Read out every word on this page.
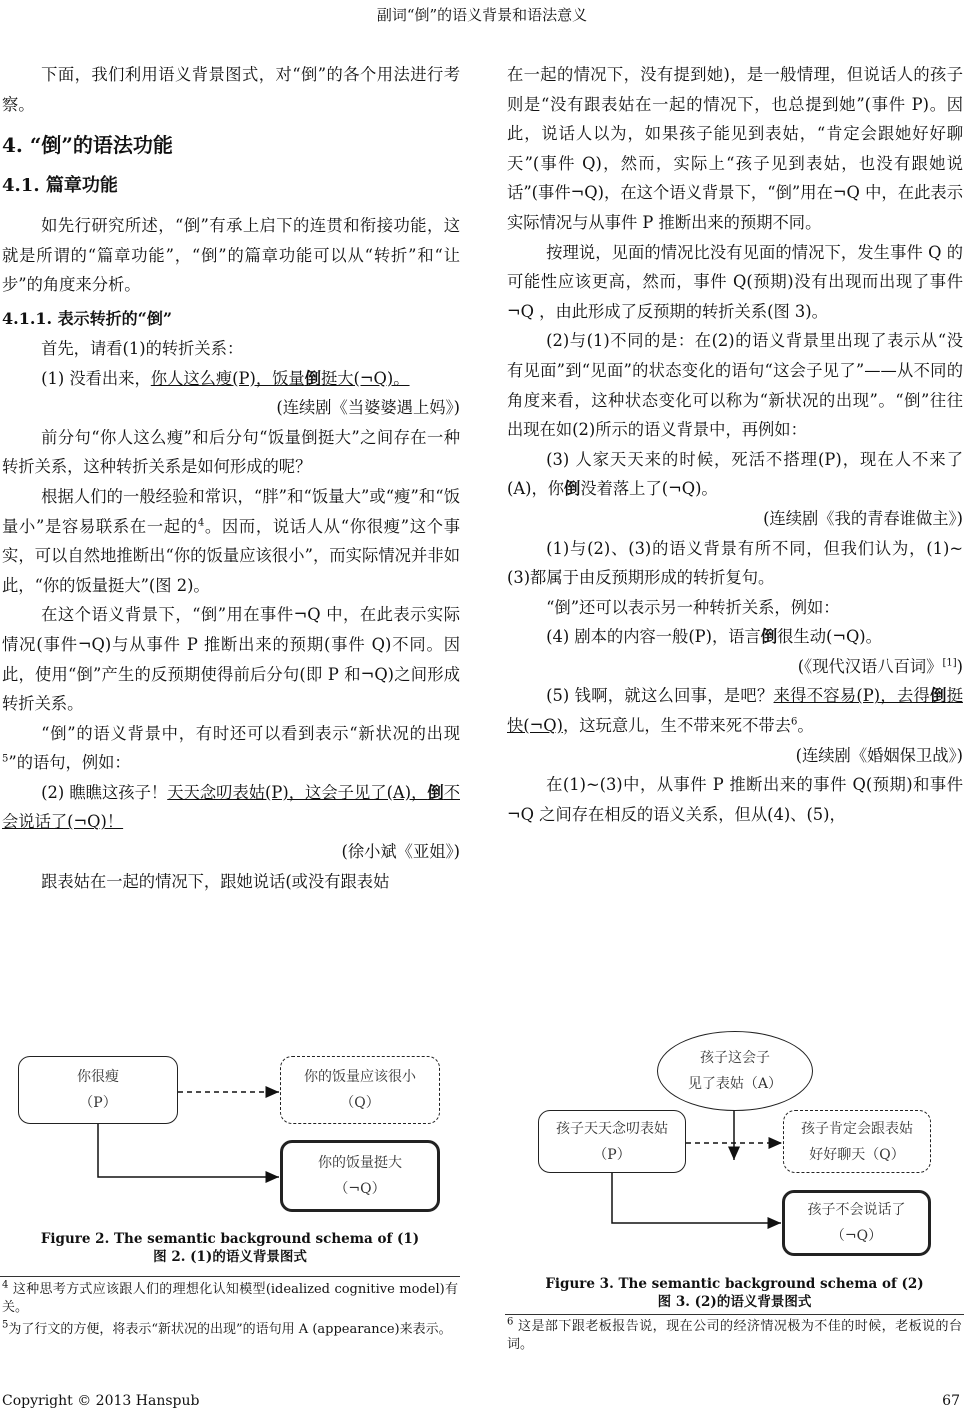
副词“倒”的语义背景和语法意义

下面，我们利用语义背景图式，对“倒”的各个用法进行考察。

4. “倒”的语法功能
4.1. 篇章功能

如先行研究所述，“倒”有承上启下的连贯和衔接功能，这就是所谓的“篇章功能”，“倒”的篇章功能可以从“转折”和“让步”的角度来分析。

4.1.1. 表示转折的“倒”

首先，请看(1)的转折关系：

(1) 没看出来，你人这么瘦(P)，饭量倒挺大(¬Q)。

(连续剧《当婆婆遇上妈》)

前分句“你人这么瘦”和后分句“饭量倒挺大”之间存在一种转折关系，这种转折关系是如何形成的呢？

根据人们的一般经验和常识，“胖”和“饭量大”或“瘦”和“饭量小”是容易联系在一起的$^4$。因而，说话人从“你很瘦”这个事实，可以自然地推断出“你的饭量应该很小”，而实际情况并非如此，“你的饭量挺大”(图 2)。

在这个语义背景下，“倒”用在事件¬Q 中，在此表示实际情况(事件¬Q)与从事件 P 推断出来的预期(事件 Q)不同。因此，使用“倒”产生的反预期使得前后分句(即 P 和¬Q)之间形成转折关系。

“倒”的语义背景中，有时还可以看到表示“新状况的出现$^5$”的语句，例如：

(2) 瞧瞧这孩子！天天念叨表姑(P)，这会子见了(A)，倒不会说话了(¬Q)！

(徐小斌《亚姐》)

跟表姑在一起的情况下，跟她说话(或没有跟表姑

在一起的情况下，没有提到她)，是一般情理，但说话人的孩子则是“没有跟表姑在一起的情况下，也总提到她”(事件 P)。因此，说话人以为，如果孩子能见到表姑，“肯定会跟她好好聊天”(事件 Q)，然而，实际上“孩子见到表姑，也没有跟她说话”(事件¬Q)，在这个语义背景下，“倒”用在¬Q 中，在此表示实际情况与从事件 P 推断出来的预期不同。

按理说，见面的情况比没有见面的情况下，发生事件 Q 的可能性应该更高，然而，事件 Q(预期)没有出现而出现了事件 ¬Q ，由此形成了反预期的转折关系(图 3)。

(2)与(1)不同的是：在(2)的语义背景里出现了表示从“没有见面”到“见面”的状态变化的语句“这会子见了”——从不同的角度来看，这种状态变化可以称为“新状况的出现”。“倒”往往出现在如(2)所示的语义背景中，再例如：

(3) 人家天天来的时候，死活不搭理(P)，现在人不来了(A)，你倒没着落上了(¬Q)。

(连续剧《我的青春谁做主》)

(1)与(2)、(3)的语义背景有所不同，但我们认为，(1)~(3)都属于由反预期形成的转折复句。

“倒”还可以表示另一种转折关系，例如：

(4) 剧本的内容一般(P)，语言倒很生动(¬Q)。

(《现代汉语八百词》[1])

(5) 钱啊，就这么回事，是吧？来得不容易(P)，去得倒挺快(¬Q)，这玩意儿，生不带来死不带去$^6$。

(连续剧《婚姻保卫战》)

在(1)~(3)中，从事件 P 推断出来的事件 Q(预期)和事件¬Q 之间存在相反的语义关系，但从(4)、(5)，

你很瘦
（P）
你的饭量应该很小
（Q）
你的饭量挺大
（¬Q）
Figure 2. The semantic background schema of (1)
图 2. (1)的语义背景图式
孩子这会子
见了表姑（A）
孩子天天念叨表姑
（P）
孩子肯定会跟表姑
好好聊天（Q）
孩子不会说话了
（¬Q）
Figure 3. The semantic background schema of (2)
图 3. (2)的语义背景图式
$^4$ 这种思考方式应该跟人们的理想化认知模型(idealized cognitive model)有关。
$^5$为了行文的方便，将表示“新状况的出现”的语句用 A (appearance)来表示。	$^6$ 这是部下跟老板报告说，现在公司的经济情况极为不佳的时候，老板说的台词。
Copyright © 2013 Hanspub	67
